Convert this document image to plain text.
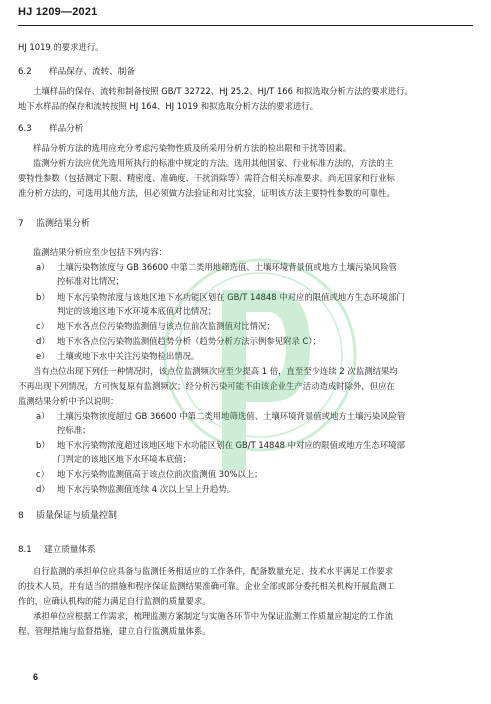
HJ 1209—2021
HJ 1019 的要求进行。
6.2 样品保存、流转、制备
土壤样品的保存、流转和制备按照 GB/T 32722、HJ 25.2、HJ/T 166 和拟选取分析方法的要求进行。
地下水样品的保存和流转按照 HJ 164、HJ 1019 和拟选取分析方法的要求进行。
6.3 样品分析
样品分析方法的选用应充分考虑污染物性质及所采用分析方法的检出限和干扰等因素。
监测分析方法应优先选用所执行的标准中规定的方法。选用其他国家、行业标准方法的，方法的主
要特性参数（包括测定下限、精密度、准确度、干扰消除等）需符合相关标准要求。尚无国家和行业标
准分析方法的，可选用其他方法，但必须做方法验证和对比实验，证明该方法主要特性参数的可靠性。
7 监测结果分析
监测结果分析应至少包括下列内容：
a） 土壤污染物浓度与 GB 36600 中第二类用地筛选值、土壤环境背景值或地方土壤污染风险管
控标准对比情况；
b） 地下水污染物浓度与该地区地下水功能区划在 GB/T 14848 中对应的限值或地方生态环境部门
判定的该地区地下水环境本底值对比情况；
c） 地下水各点位污染物监测值与该点位前次监测值对比情况；
d） 地下水各点位污染物监测值趋势分析（趋势分析方法示例参见附录 C）；
e） 土壤或地下水中关注污染物检出情况。
当有点位出现下列任一种情况时，该点位监测频次应至少提高 1 倍，直至至少连续 2 次监测结果均
不再出现下列情况，方可恢复原有监测频次；经分析污染可能不由该企业生产活动造成时除外，但应在
监测结果分析中予以说明：
a） 土壤污染物浓度超过 GB 36600 中第二类用地筛选值、土壤环境背景值或地方土壤污染风险管
控标准；
b） 地下水污染物浓度超过该地区地下水功能区划在 GB/T 14848 中对应的限值或地方生态环境部
门判定的该地区地下水环境本底值；
c） 地下水污染物监测值高于该点位前次监测值 30%以上；
d） 地下水污染物监测值连续 4 次以上呈上升趋势。
8 质量保证与质量控制
8.1 建立质量体系
自行监测的承担单位应具备与监测任务相适应的工作条件，配备数量充足、技术水平满足工作要求
的技术人员，并有适当的措施和程序保证监测结果准确可靠。企业全部或部分委托相关机构开展监测工
作的，应确认机构的能力满足自行监测的质量要求。
承担单位应根据工作需求，梳理监测方案制定与实施各环节中为保证监测工作质量应制定的工作流
程、管理措施与监督措施，建立自行监测质量体系。
6
